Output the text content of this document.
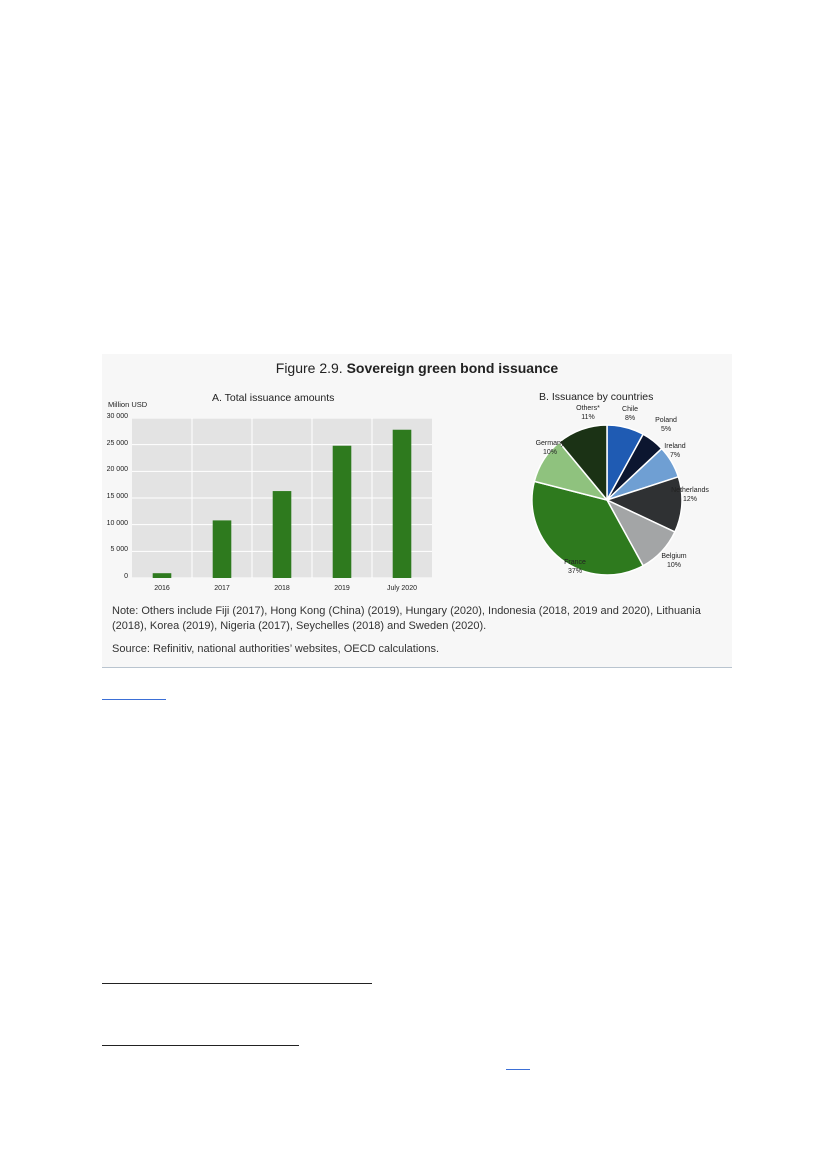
Figure 2.9. Sovereign green bond issuance
A. Total issuance amounts
Million USD
0
5 000
10 000
15 000
20 000
25 000
30 000
2016	2017	2018	2019	July 2020
B. Issuance by countries
Chile
8%	Poland
5%
Ireland
7%
Netherlands
12%
Belgium
10%
France
37%
Germany
10%
Others*
11%
Note: Others include Fiji (2017), Hong Kong (China) (2019), Hungary (2020), Indonesia (2018, 2019 and 2020), Lithuania (2018), Korea (2019), Nigeria (2017), Seychelles (2018) and Sweden (2020).
Source: Refinitiv, national authorities’ websites, OECD calculations.
